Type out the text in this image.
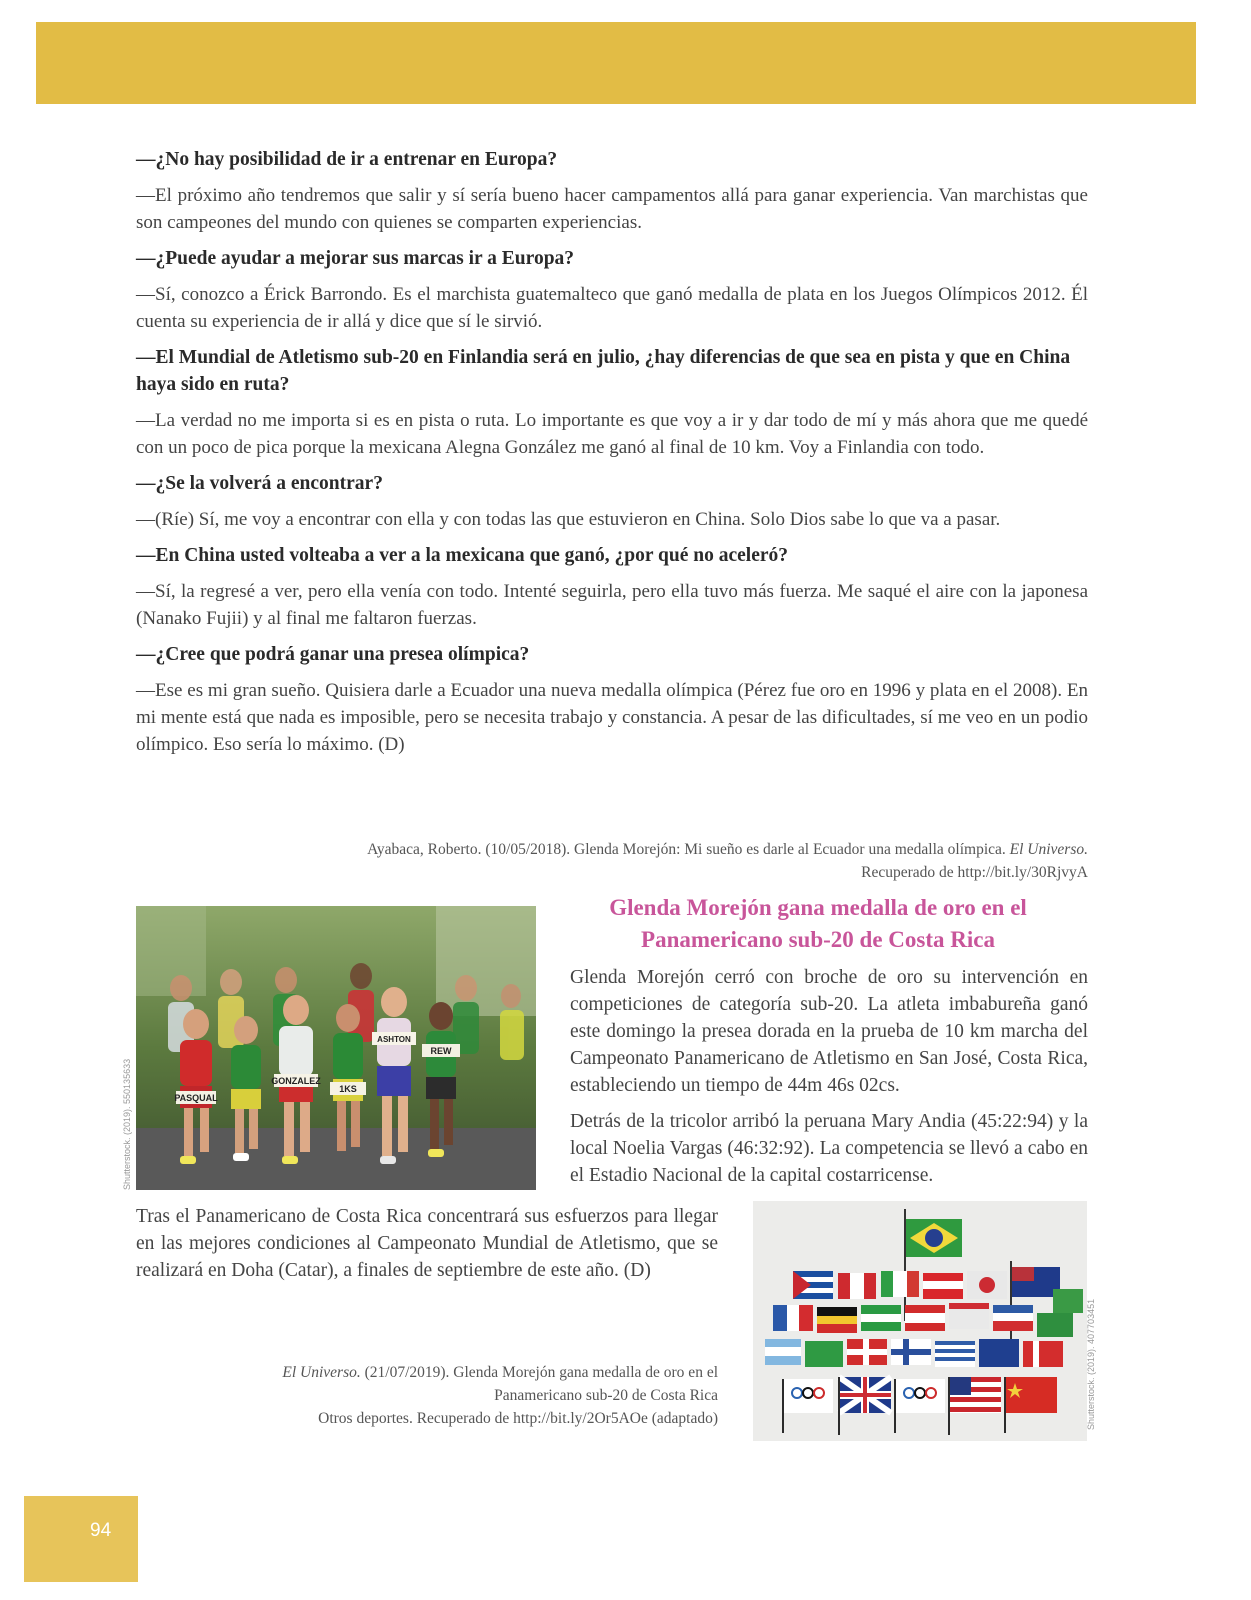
—¿No hay posibilidad de ir a entrenar en Europa?

—El próximo año tendremos que salir y sí sería bueno hacer campamentos allá para ganar experiencia. Van marchistas que son campeones del mundo con quienes se comparten experiencias.

—¿Puede ayudar a mejorar sus marcas ir a Europa?

—Sí, conozco a Érick Barrondo. Es el marchista guatemalteco que ganó medalla de plata en los Juegos Olímpicos 2012. Él cuenta su experiencia de ir allá y dice que sí le sirvió.

—El Mundial de Atletismo sub-20 en Finlandia será en julio, ¿hay diferencias de que sea en pista y que en China haya sido en ruta?

—La verdad no me importa si es en pista o ruta. Lo importante es que voy a ir y dar todo de mí y más ahora que me quedé con un poco de pica porque la mexicana Alegna González me ganó al final de 10 km. Voy a Finlandia con todo.

—¿Se la volverá a encontrar?

—(Ríe) Sí, me voy a encontrar con ella y con todas las que estuvieron en China. Solo Dios sabe lo que va a pasar.

—En China usted volteaba a ver a la mexicana que ganó, ¿por qué no aceleró?

—Sí, la regresé a ver, pero ella venía con todo. Intenté seguirla, pero ella tuvo más fuerza. Me saqué el aire con la japonesa (Nanako Fujii) y al final me faltaron fuerzas.

—¿Cree que podrá ganar una presea olímpica?

—Ese es mi gran sueño. Quisiera darle a Ecuador una nueva medalla olímpica (Pérez fue oro en 1996 y plata en el 2008). En mi mente está que nada es imposible, pero se necesita trabajo y constancia. A pesar de las dificultades, sí me veo en un podio olímpico. Eso sería lo máximo. (D)

Ayabaca, Roberto. (10/05/2018). Glenda Morejón: Mi sueño es darle al Ecuador una medalla olímpica. El Universo.
Recuperado de http://bit.ly/30RjvyA
PASQUAL
GONZALEZ
1KS
ASHTON
REW
Shutterstock. (2019). 550135633
Glenda Morejón gana medalla de oro en el Panamericano sub-20 de Costa Rica

Glenda Morejón cerró con broche de oro su intervención en competiciones de categoría sub-20. La atleta imbabureña ganó este domingo la presea dorada en la prueba de 10 km marcha del Campeonato Panamericano de Atletismo en San José, Costa Rica, estableciendo un tiempo de 44m 46s 02cs.

Detrás de la tricolor arribó la peruana Mary Andia (45:22:94) y la local Noelia Vargas (46:32:92). La competencia se llevó a cabo en el Estadio Nacional de la capital costarricense.

Tras el Panamericano de Costa Rica concentrará sus esfuerzos para llegar en las mejores condiciones al Campeonato Mundial de Atletismo, que se realizará en Doha (Catar), a finales de septiembre de este año. (D)
El Universo. (21/07/2019). Glenda Morejón gana medalla de oro en el
Panamericano sub-20 de Costa Rica
Otros deportes. Recuperado de http://bit.ly/2Or5AOe (adaptado)	Shutterstock. (2019). 407703451
94
